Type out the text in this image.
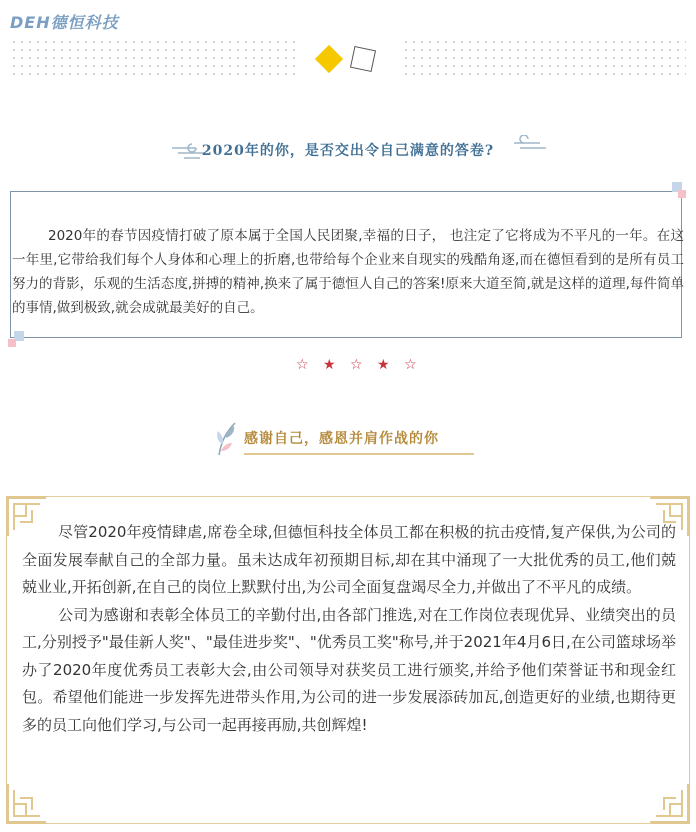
DEH德恒科技
2020年的你，是否交出令自己满意的答卷?
2020年的春节因疫情打破了原本属于全国人民团聚,幸福的日子， 也注定了它将成为不平凡的一年。在这一年里,它带给我们每个人身体和心理上的折磨,也带给每个企业来自现实的残酷角逐,而在德恒看到的是所有员工努力的背影，乐观的生活态度,拼搏的精神,换来了属于德恒人自己的答案!原来大道至简,就是这样的道理,每件简单的事情,做到极致,就会成就最美好的自己。
☆ ★ ☆ ★ ☆
感谢自己，感恩并肩作战的你

尽管2020年疫情肆虐,席卷全球,但德恒科技全体员工都在积极的抗击疫情,复产保供,为公司的全面发展奉献自己的全部力量。虽未达成年初预期目标,却在其中涌现了一大批优秀的员工,他们兢兢业业,开拓创新,在自己的岗位上默默付出,为公司全面复盘竭尽全力,并做出了不平凡的成绩。

公司为感谢和表彰全体员工的辛勤付出,由各部门推选,对在工作岗位表现优异、业绩突出的员工,分别授予"最佳新人奖"、"最佳进步奖"、"优秀员工奖"称号,并于2021年4月6日,在公司篮球场举办了2020年度优秀员工表彰大会,由公司领导对获奖员工进行颁奖,并给予他们荣誉证书和现金红包。希望他们能进一步发挥先进带头作用,为公司的进一步发展添砖加瓦,创造更好的业绩,也期待更多的员工向他们学习,与公司一起再接再励,共创辉煌!
